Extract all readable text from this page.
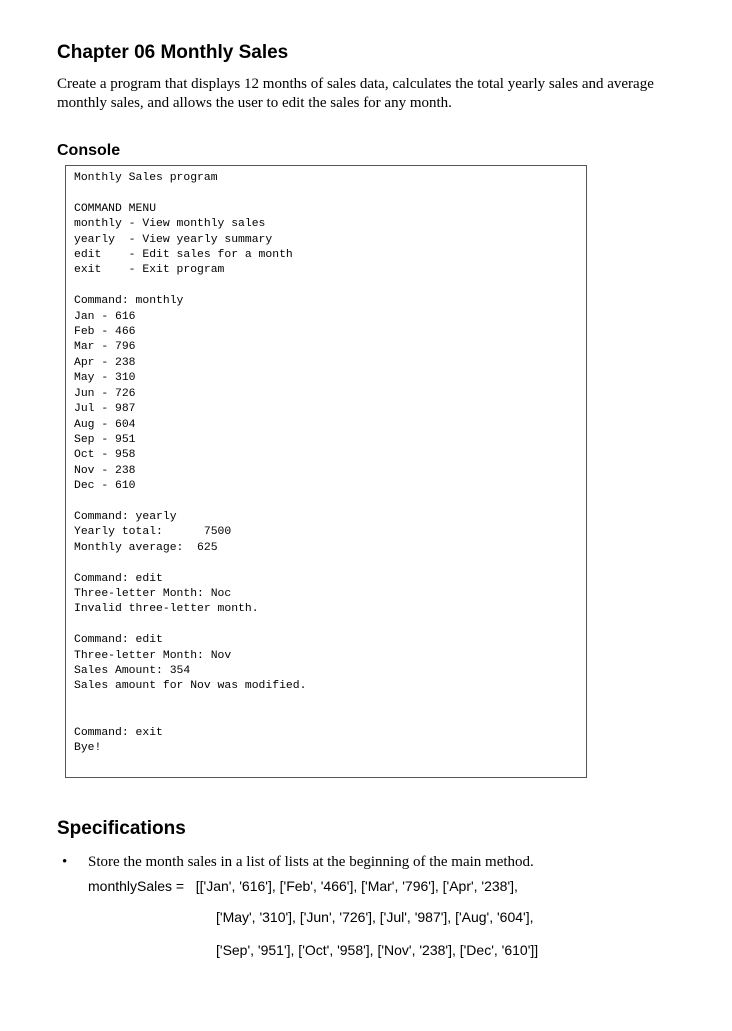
Chapter 06 Monthly Sales
Create a program that displays 12 months of sales data, calculates the total yearly sales and average monthly sales, and allows the user to edit the sales for any month.
Console
Monthly Sales program

COMMAND MENU
monthly - View monthly sales
yearly  - View yearly summary
edit    - Edit sales for a month
exit    - Exit program

Command: monthly
Jan - 616
Feb - 466
Mar - 796
Apr - 238
May - 310
Jun - 726
Jul - 987
Aug - 604
Sep - 951
Oct - 958
Nov - 238
Dec - 610

Command: yearly
Yearly total:      7500
Monthly average:  625

Command: edit
Three-letter Month: Noc
Invalid three-letter month.

Command: edit
Three-letter Month: Nov
Sales Amount: 354
Sales amount for Nov was modified.

Command: exit
Bye!
Specifications
• Store the month sales in a list of lists at the beginning of the main method.
monthlySales =   [['Jan', '616'], ['Feb', '466'], ['Mar', '796'], ['Apr', '238'],
['May', '310'], ['Jun', '726'], ['Jul', '987'], ['Aug', '604'],
['Sep', '951'], ['Oct', '958'], ['Nov', '238'], ['Dec', '610']]
